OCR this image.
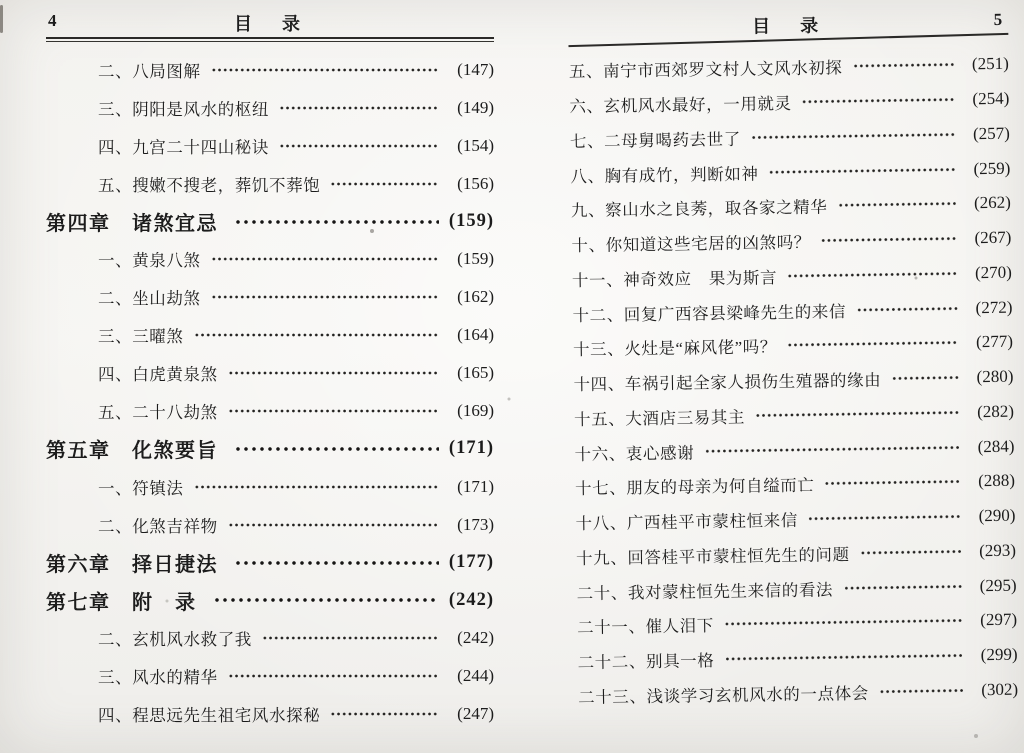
4	目　录
二、八局图解	(147)
三、阴阳是风水的枢纽	(149)
四、九宫二十四山秘诀	(154)
五、搜嫩不搜老，葬饥不葬饱	(156)
第四章　诸煞宜忌	(159)
一、黄泉八煞	(159)
二、坐山劫煞	(162)
三、三曜煞	(164)
四、白虎黄泉煞	(165)
五、二十八劫煞	(169)
第五章　化煞要旨	(171)
一、符镇法	(171)
二、化煞吉祥物	(173)
第六章　择日捷法	(177)
第七章　附　录	(242)
二、玄机风水救了我	(242)
三、风水的精华	(244)
四、程思远先生祖宅风水探秘	(247)
目　录	5
五、南宁市西郊罗文村人文风水初探	(251)
六、玄机风水最好，一用就灵	(254)
七、二母舅喝药去世了	(257)
八、胸有成竹，判断如神	(259)
九、察山水之良莠，取各家之精华	(262)
十、你知道这些宅居的凶煞吗？	(267)
十一、神奇效应　果为斯言	(270)
十二、回复广西容县梁峰先生的来信	(272)
十三、火灶是“麻风佬”吗？	(277)
十四、车祸引起全家人损伤生殖器的缘由	(280)
十五、大酒店三易其主	(282)
十六、衷心感谢	(284)
十七、朋友的母亲为何自缢而亡	(288)
十八、广西桂平市蒙柱恒来信	(290)
十九、回答桂平市蒙柱恒先生的问题	(293)
二十、我对蒙柱恒先生来信的看法	(295)
二十一、催人泪下	(297)
二十二、别具一格	(299)
二十三、浅谈学习玄机风水的一点体会	(302)
